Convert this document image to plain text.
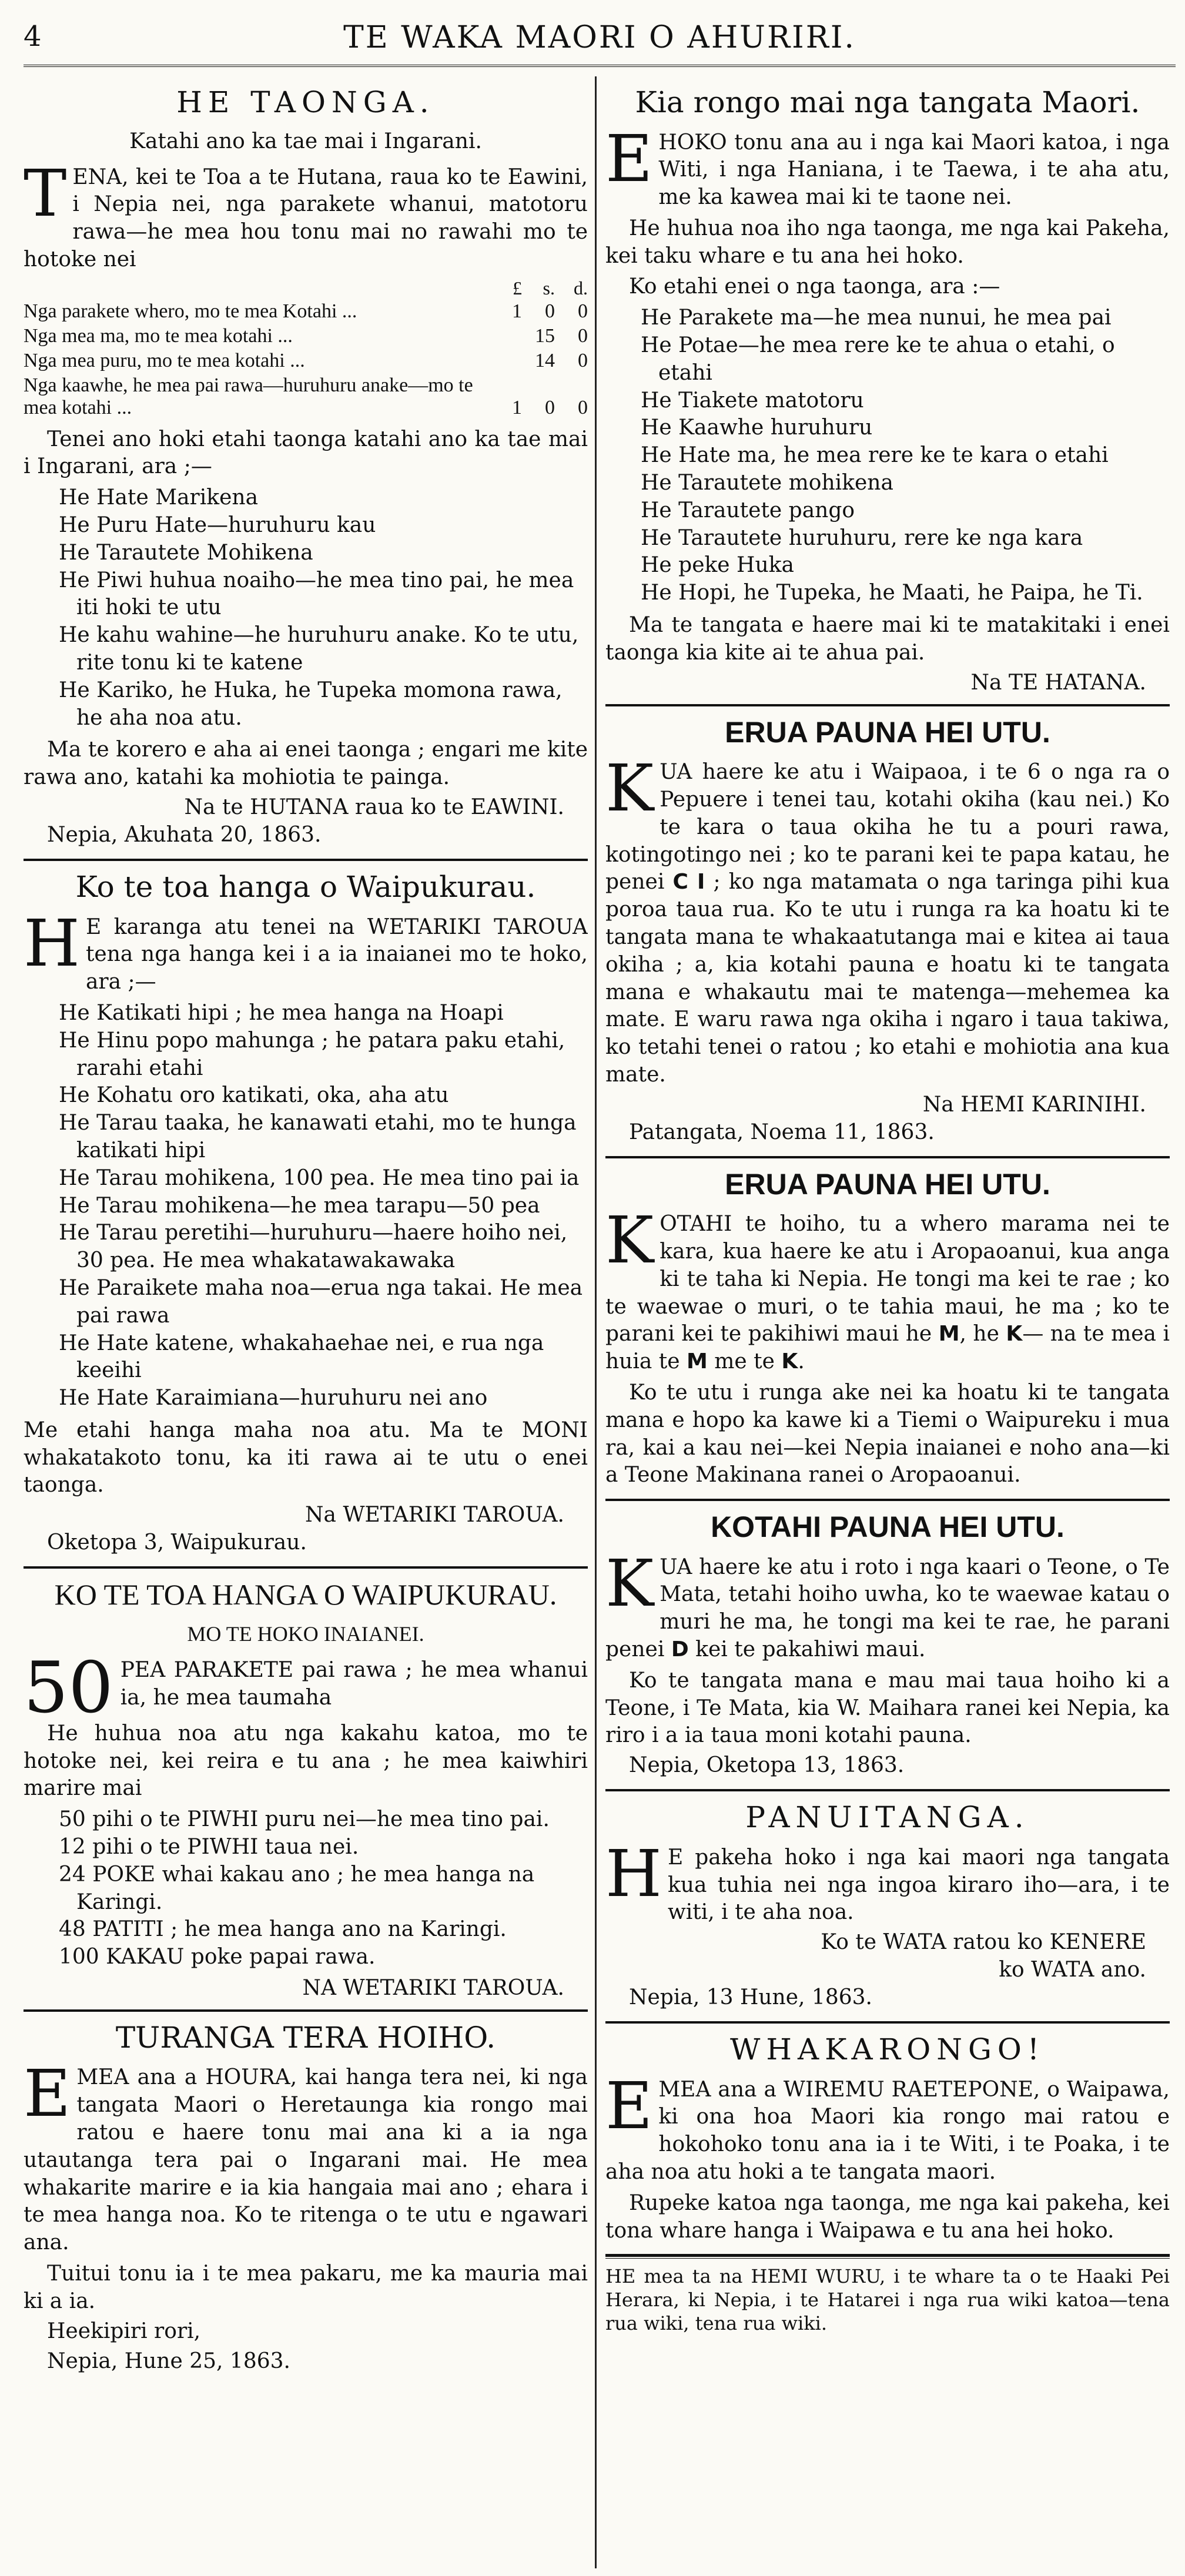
4	TE WAKA MAORI O AHURIRI.
HE TAONGA.
Katahi ano ka tae mai i Ingarani.
TENA, kei te Toa a te Hutana, raua ko te Eawini, i Nepia nei, nga parakete whanui, matotoru rawa—he mea hou tonu mai no rawahi mo te hotoke nei
	£	s.	d.
Nga parakete whero, mo te mea Kotahi ...	1	0	0
Nga mea ma, mo te mea kotahi ...		15	0
Nga mea puru, mo te mea kotahi ...		14	0
Nga kaawhe, he mea pai rawa—huruhuru anake—mo te mea kotahi ...	1	0	0
Tenei ano hoki etahi taonga katahi ano ka tae mai i Ingarani, ara ;—
He Hate Marikena
He Puru Hate—huruhuru kau
He Tarautete Mohikena
He Piwi huhua noaiho—he mea tino pai, he mea iti hoki te utu
He kahu wahine—he huruhuru anake. Ko te utu, rite tonu ki te katene
He Kariko, he Huka, he Tupeka momona rawa, he aha noa atu.
Ma te korero e aha ai enei taonga ; engari me kite rawa ano, katahi ka mohiotia te painga.
Na te HUTANA raua ko te EAWINI.
Nepia, Akuhata 20, 1863.
Ko te toa hanga o Waipukurau.
H E karanga atu tenei na WETARIKI TAROUA tena nga hanga kei i a ia inaianei mo te hoko, ara ;—
He Katikati hipi ; he mea hanga na Hoapi
He Hinu popo mahunga ; he patara paku etahi, rarahi etahi
He Kohatu oro katikati, oka, aha atu
He Tarau taaka, he kanawati etahi, mo te hunga katikati hipi
He Tarau mohikena, 100 pea. He mea tino pai ia
He Tarau mohikena—he mea tarapu—50 pea
He Tarau peretihi—huruhuru—haere hoiho nei, 30 pea. He mea whakatawakawaka
He Paraikete maha noa—erua nga takai. He mea pai rawa
He Hate katene, whakahaehae nei, e rua nga keeihi
He Hate Karaimiana—huruhuru nei ano
Me etahi hanga maha noa atu. Ma te MONI whakatakoto tonu, ka iti rawa ai te utu o enei taonga.
Na WETARIKI TAROUA.
Oketopa 3, Waipukurau.
KO TE TOA HANGA O WAIPUKURAU.
MO TE HOKO INAIANEI.
50 PEA PARAKETE pai rawa ; he mea whanui ia, he mea taumaha
He huhua noa atu nga kakahu katoa, mo te hotoke nei, kei reira e tu ana ; he mea kaiwhiri marire mai
50 pihi o te PIWHI puru nei—he mea tino pai.
12 pihi o te PIWHI taua nei.
24 POKE whai kakau ano ; he mea hanga na Karingi.
48 PATITI ; he mea hanga ano na Karingi.
100 KAKAU poke papai rawa.
NA WETARIKI TAROUA.
TURANGA TERA HOIHO.
EMEA ana a HOURA, kai hanga tera nei, ki nga tangata Maori o Heretaunga kia rongo mai ratou e haere tonu mai ana ki a ia nga utautanga tera pai o Ingarani mai. He mea whakarite marire e ia kia hangaia mai ano ; ehara i te mea hanga noa. Ko te ritenga o te utu e ngawari ana.
Tuitui tonu ia i te mea pakaru, me ka mauria mai ki a ia.
Heekipiri rori,
Nepia, Hune 25, 1863.
Kia rongo mai nga tangata Maori.
EHOKO tonu ana au i nga kai Maori katoa, i nga Witi, i nga Haniana, i te Taewa, i te aha atu, me ka kawea mai ki te taone nei.
He huhua noa iho nga taonga, me nga kai Pakeha, kei taku whare e tu ana hei hoko.
Ko etahi enei o nga taonga, ara :—
He Parakete ma—he mea nunui, he mea pai
He Potae—he mea rere ke te ahua o etahi, o etahi
He Tiakete matotoru
He Kaawhe huruhuru
He Hate ma, he mea rere ke te kara o etahi
He Tarautete mohikena
He Tarautete pango
He Tarautete huruhuru, rere ke nga kara
He peke Huka
He Hopi, he Tupeka, he Maati, he Paipa, he Ti.
Ma te tangata e haere mai ki te matakitaki i enei taonga kia kite ai te ahua pai.
Na TE HATANA.
ERUA PAUNA HEI UTU.
KUA haere ke atu i Waipaoa, i te 6 o nga ra o Pepuere i tenei tau, kotahi okiha (kau nei.) Ko te kara o taua okiha he tu a pouri rawa, kotingotingo nei ; ko te parani kei te papa katau, he penei C I ; ko nga matamata o nga taringa pihi kua poroa taua rua. Ko te utu i runga ra ka hoatu ki te tangata mana te whakaatutanga mai e kitea ai taua okiha ; a, kia kotahi pauna e hoatu ki te tangata mana e whakautu mai te matenga—mehemea ka mate. E waru rawa nga okiha i ngaro i taua takiwa, ko tetahi tenei o ratou ; ko etahi e mohiotia ana kua mate.
Na HEMI KARINIHI.
Patangata, Noema 11, 1863.
ERUA PAUNA HEI UTU.
KOTAHI te hoiho, tu a whero marama nei te kara, kua haere ke atu i Aropaoanui, kua anga ki te taha ki Nepia. He tongi ma kei te rae ; ko te waewae o muri, o te tahia maui, he ma ; ko te parani kei te pakihiwi maui he M, he K— na te mea i huia te M me te K.
Ko te utu i runga ake nei ka hoatu ki te tangata mana e hopo ka kawe ki a Tiemi o Waipureku i mua ra, kai a kau nei—kei Nepia inaianei e noho ana—ki a Teone Makinana ranei o Aropaoanui.
KOTAHI PAUNA HEI UTU.
KUA haere ke atu i roto i nga kaari o Teone, o Te Mata, tetahi hoiho uwha, ko te waewae katau o muri he ma, he tongi ma kei te rae, he parani penei D kei te pakahiwi maui.
Ko te tangata mana e mau mai taua hoiho ki a Teone, i Te Mata, kia W. Maihara ranei kei Nepia, ka riro i a ia taua moni kotahi pauna.
Nepia, Oketopa 13, 1863.
PANUITANGA.
H E pakeha hoko i nga kai maori nga tangata kua tuhia nei nga ingoa kiraro iho—ara, i te witi, i te aha noa.
Ko te WATA ratou ko KENERE
ko WATA ano.
Nepia, 13 Hune, 1863.
WHAKARONGO!
EMEA ana a WIREMU RAETEPONE, o Waipawa, ki ona hoa Maori kia rongo mai ratou e hokohoko tonu ana ia i te Witi, i te Poaka, i te aha noa atu hoki a te tangata maori.
Rupeke katoa nga taonga, me nga kai pakeha, kei tona whare hanga i Waipawa e tu ana hei hoko.
HE mea ta na HEMI WURU, i te whare ta o te Haaki Pei Herara, ki Nepia, i te Hatarei i nga rua wiki katoa—tena rua wiki, tena rua wiki.
